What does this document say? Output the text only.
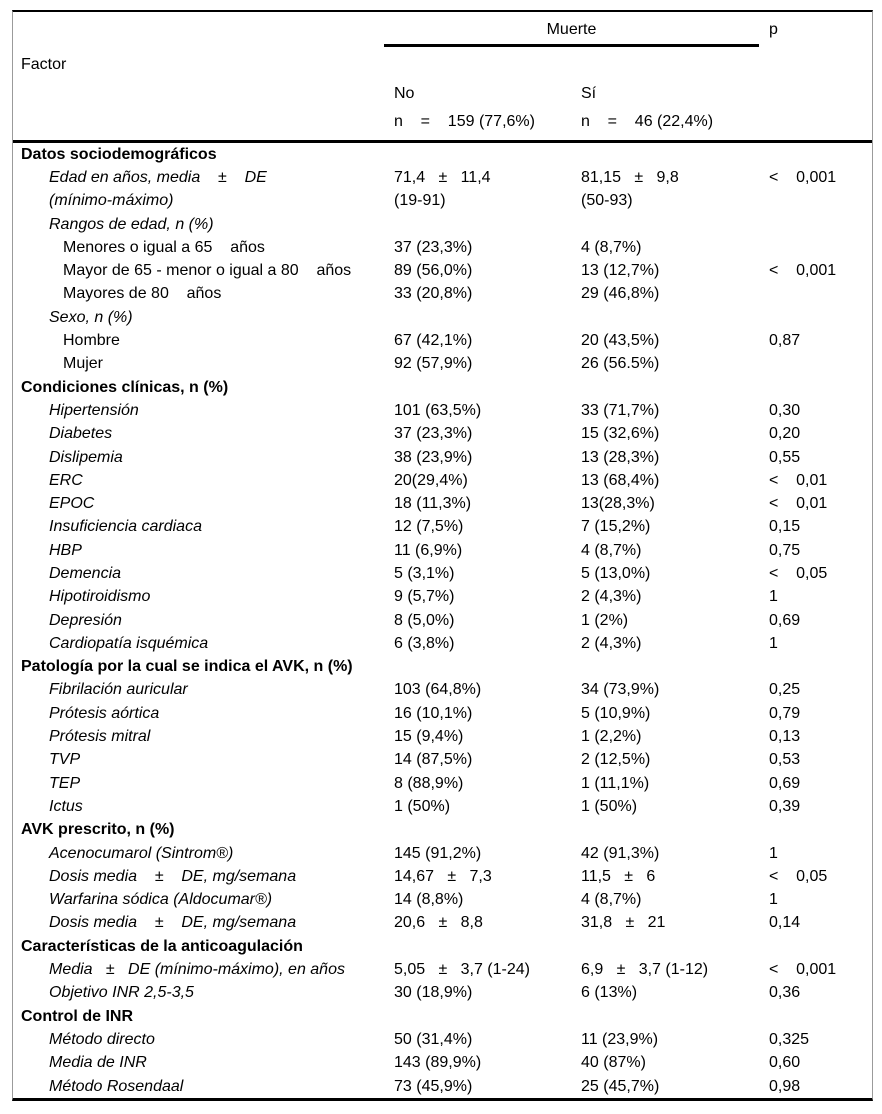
Muerte	p
Factor
No	Sí
n    =    159 (77,6%)	n    =    46 (22,4%)
Datos sociodemográficos
Edad en años, media    ±    DE	71,4   ±   11,4	81,15   ±   9,8	<    0,001
(mínimo-máximo)	(19-91)	(50-93)
Rangos de edad, n (%)
Menores o igual a 65    años	37 (23,3%)	4 (8,7%)
Mayor de 65 - menor o igual a 80    años	89 (56,0%)	13 (12,7%)	<    0,001
Mayores de 80    años	33 (20,8%)	29 (46,8%)
Sexo, n (%)
Hombre	67 (42,1%)	20 (43,5%)	0,87
Mujer	92 (57,9%)	26 (56.5%)
Condiciones clínicas, n (%)
Hipertensión	101 (63,5%)	33 (71,7%)	0,30
Diabetes	37 (23,3%)	15 (32,6%)	0,20
Dislipemia	38 (23,9%)	13 (28,3%)	0,55
ERC	20(29,4%)	13 (68,4%)	<    0,01
EPOC	18 (11,3%)	13(28,3%)	<    0,01
Insuficiencia cardiaca	12 (7,5%)	7 (15,2%)	0,15
HBP	11 (6,9%)	4 (8,7%)	0,75
Demencia	5 (3,1%)	5 (13,0%)	<    0,05
Hipotiroidismo	9 (5,7%)	2 (4,3%)	1
Depresión	8 (5,0%)	1 (2%)	0,69
Cardiopatía isquémica	6 (3,8%)	2 (4,3%)	1
Patología por la cual se indica el AVK, n (%)
Fibrilación auricular	103 (64,8%)	34 (73,9%)	0,25
Prótesis aórtica	16 (10,1%)	5 (10,9%)	0,79
Prótesis mitral	15 (9,4%)	1 (2,2%)	0,13
TVP	14 (87,5%)	2 (12,5%)	0,53
TEP	8 (88,9%)	1 (11,1%)	0,69
Ictus	1 (50%)	1 (50%)	0,39
AVK prescrito, n (%)
Acenocumarol (Sintrom®)	145 (91,2%)	42 (91,3%)	1
Dosis media    ±    DE, mg/semana	14,67   ±   7,3	11,5   ±   6	<    0,05
Warfarina sódica (Aldocumar®)	14 (8,8%)	4 (8,7%)	1
Dosis media    ±    DE, mg/semana	20,6   ±   8,8	31,8   ±   21	0,14
Características de la anticoagulación
Media   ±   DE (mínimo-máximo), en años	5,05   ±   3,7 (1-24)	6,9   ±   3,7 (1-12)	<    0,001
Objetivo INR 2,5-3,5	30 (18,9%)	6 (13%)	0,36
Control de INR
Método directo	50 (31,4%)	11 (23,9%)	0,325
Media de INR	143 (89,9%)	40 (87%)	0,60
Método Rosendaal	73 (45,9%)	25 (45,7%)	0,98
